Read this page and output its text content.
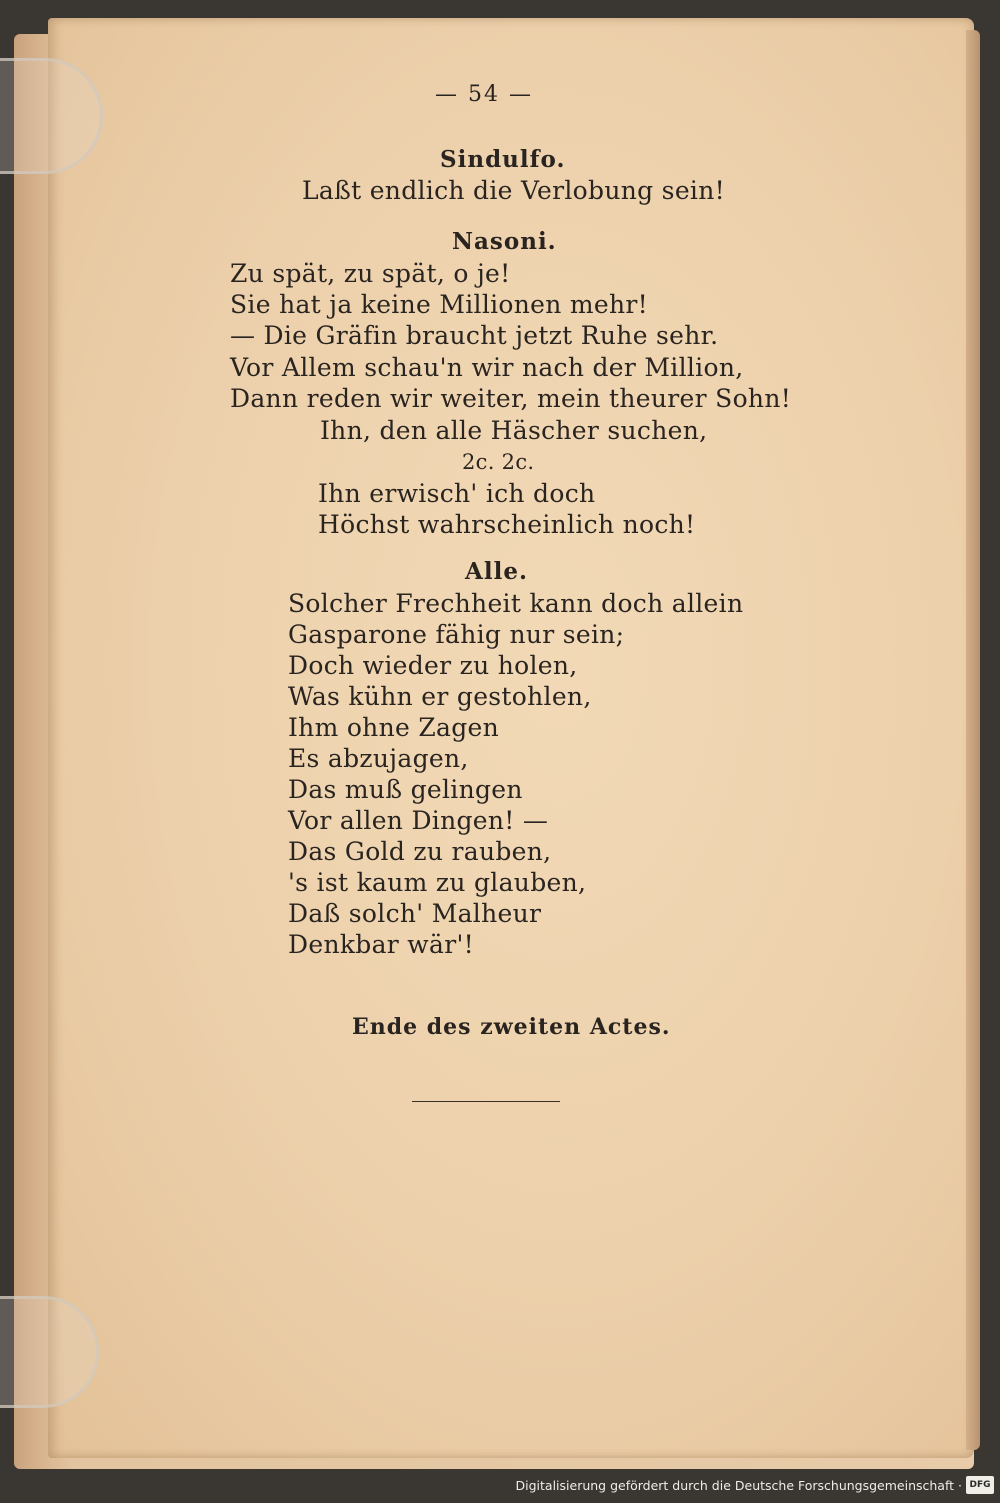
— 54 —
Sindulfo.
Laßt endlich die Verlobung sein!
Nasoni.
Zu spät, zu spät, o je!
Sie hat ja keine Millionen mehr!
— Die Gräfin braucht jetzt Ruhe sehr.
Vor Allem schau'n wir nach der Million,
Dann reden wir weiter, mein theurer Sohn!
Ihn, den alle Häscher suchen,
2c. 2c.
Ihn erwisch' ich doch
Höchst wahrscheinlich noch!
Alle.
Solcher Frechheit kann doch allein
Gasparone fähig nur sein;
Doch wieder zu holen,
Was kühn er gestohlen,
Ihm ohne Zagen
Es abzujagen,
Das muß gelingen
Vor allen Dingen! —
Das Gold zu rauben,
's ist kaum zu glauben,
Daß solch' Malheur
Denkbar wär'!
Ende des zweiten Actes.
Digitalisierung gefördert durch die Deutsche Forschungsgemeinschaft · DFG
